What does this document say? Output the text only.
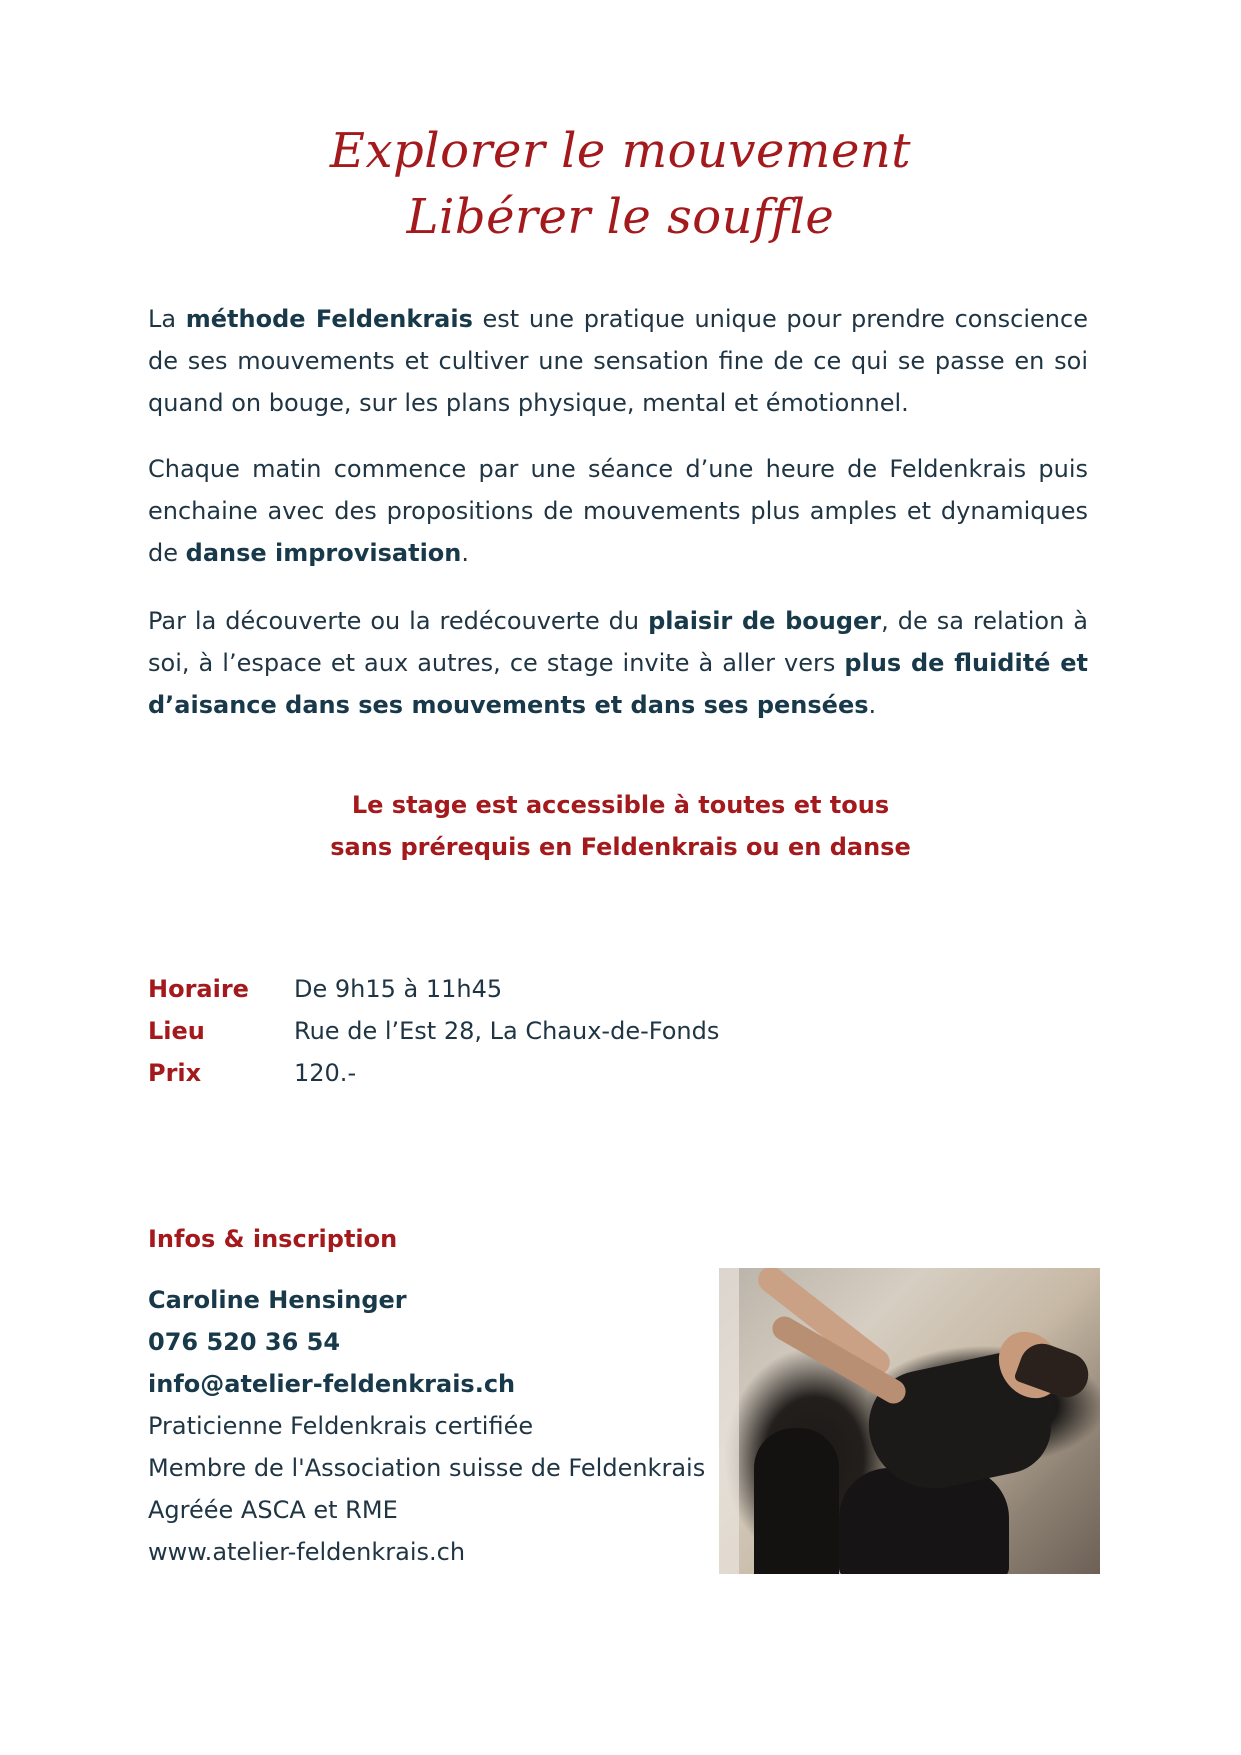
Explorer le mouvement
Libérer le souffle

La méthode Feldenkrais est une pratique unique pour prendre conscience de ses mouvements et cultiver une sensation fine de ce qui se passe en soi quand on bouge, sur les plans physique, mental et émotionnel.

Chaque matin commence par une séance d’une heure de Feldenkrais puis enchaine avec des propositions de mouvements plus amples et dynamiques de danse improvisation.

Par la découverte ou la redécouverte du plaisir de bouger, de sa relation à soi, à l’espace et aux autres, ce stage invite à aller vers plus de fluidité et d’aisance dans ses mouvements et dans ses pensées.

Le stage est accessible à toutes et tous
sans prérequis en Feldenkrais ou en danse
Horaire	De 9h15 à 11h45
Lieu	Rue de l’Est 28, La Chaux-de-Fonds
Prix	120.-
Infos & inscription
Caroline Hensinger
076 520 36 54
info@atelier-feldenkrais.ch
Praticienne Feldenkrais certifiée
Membre de l'Association suisse de Feldenkrais
Agréée ASCA et RME
www.atelier-feldenkrais.ch
